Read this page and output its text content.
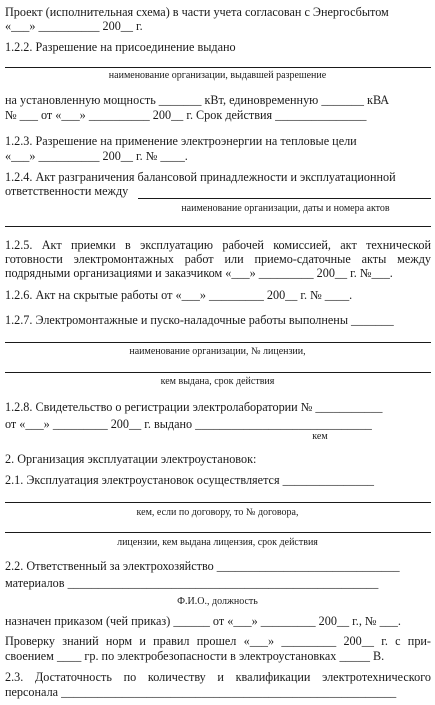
Проект (исполнительная схема) в части учета согласован с Энергосбытом
«___» __________ 200__ г.
1.2.2. Разрешение на присоединение выдано
наименование организации, выдавшей разрешение
на установленную мощность _______ кВт, единовременную _______ кВА
№ ___ от «___» __________ 200__ г. Срок действия _______________
1.2.3. Разрешение на применение электроэнергии на тепловые цели
«___» __________ 200__ г. № ____.
1.2.4. Акт разграничения балансовой принадлежности и эксплуатационной
ответственности между
наименование организации, даты и номера актов
1.2.5. Акт приемки в эксплуатацию рабочей комиссией, акт технической
готовности электромонтажных работ или приемо-сдаточные акты между
подрядными организациями и заказчиком «___» _________ 200__ г. №___.
1.2.6. Акт на скрытые работы от «___» _________ 200__ г. № ____.
1.2.7. Электромонтажные и пуско-наладочные работы выполнены _______
наименование организации, № лицензии,
кем выдана, срок действия
1.2.8. Свидетельство о регистрации электролаборатории № ___________
от «___» _________ 200__ г. выдано _____________________________
кем
2. Организация эксплуатации электроустановок:
2.1. Эксплуатация электроустановок осуществляется _______________
кем, если по договору, то № договора,
лицензии, кем выдана лицензия, срок действия
2.2. Ответственный за электрохозяйство ______________________________
материалов ___________________________________________________
Ф.И.О., должность
назначен приказом (чей приказ) ______ от «___» _________ 200__ г., № ___.
Проверку знаний норм и правил прошел «___» _________ 200__ г. с при-
своением ____ гр. по электробезопасности в электроустановках _____ В.
2.3. Достаточность по количеству и квалификации электротехнического
персонала _______________________________________________________
